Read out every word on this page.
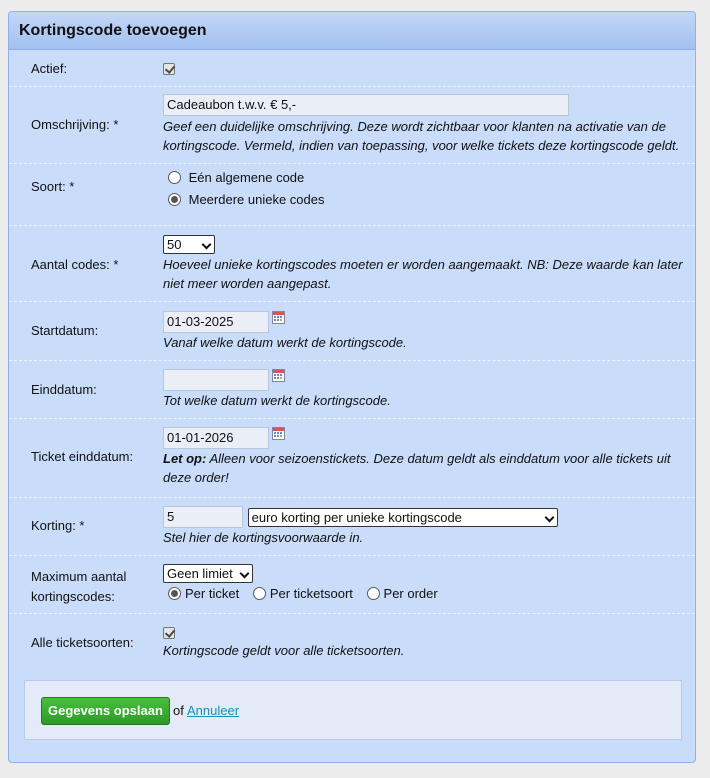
Kortingscode toevoegen
Actief:
Omschrijving: *
Cadeaubon t.w.v. € 5,-
Geef een duidelijke omschrijving. Deze wordt zichtbaar voor klanten na activatie van de kortingscode. Vermeld, indien van toepassing, voor welke tickets deze kortingscode geldt.
Soort: *
Eén algemene code
Meerdere unieke codes
Aantal codes: *
50
Hoeveel unieke kortingscodes moeten er worden aangemaakt. NB: Deze waarde kan later niet meer worden aangepast.
Startdatum:
01-03-2025
Vanaf welke datum werkt de kortingscode.
Einddatum:
Tot welke datum werkt de kortingscode.
Ticket einddatum:
01-01-2026
Let op: Alleen voor seizoenstickets. Deze datum geldt als einddatum voor alle tickets uit deze order!
Korting: *
5	euro korting per unieke kortingscode
Stel hier de kortingsvoorwaarde in.
Maximum aantal kortingscodes:
Geen limiet
Per ticket Per ticketsoort Per order
Alle ticketsoorten:
Kortingscode geldt voor alle ticketsoorten.
Gegevens opslaan of Annuleer
